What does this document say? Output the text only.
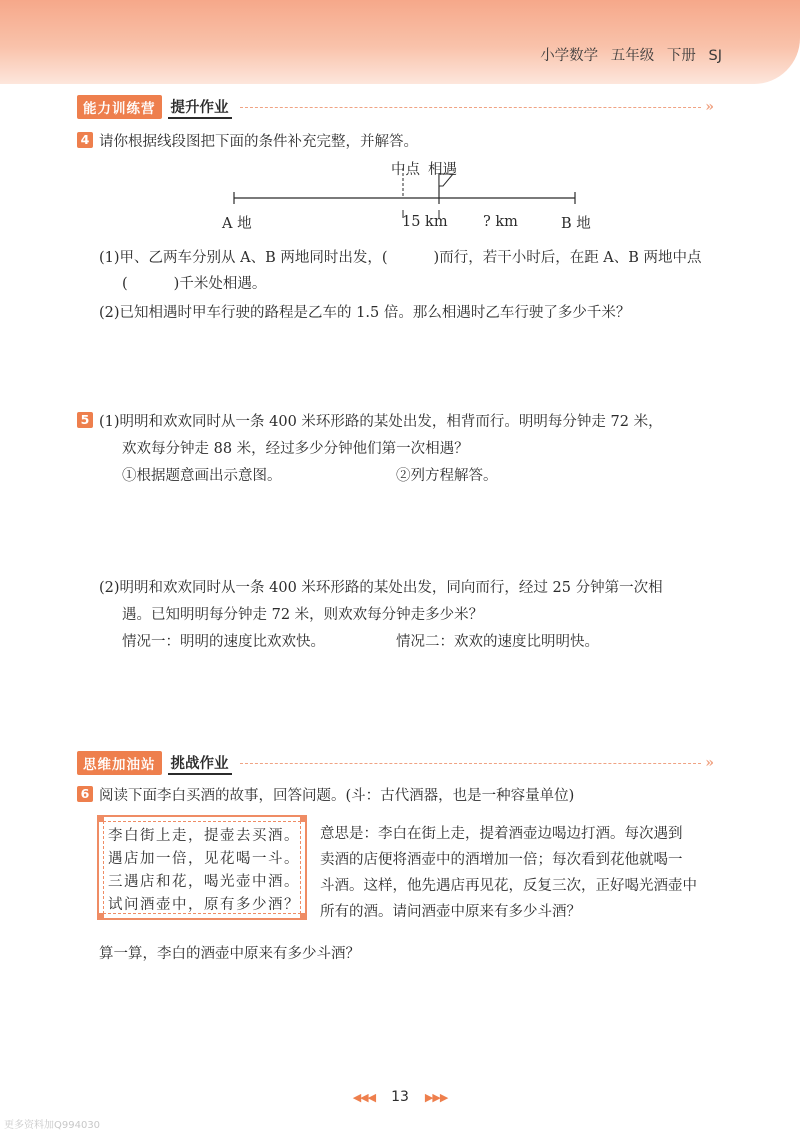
小学数学 五年级 下册 SJ
能力训练营	提升作业	»
4 请你根据线段图把下面的条件补充完整，并解答。
中点 相遇
A 地	15 km ? km	B 地
(1)甲、乙两车分别从 A、B 两地同时出发，(	)而行，若干小时后，在距 A、B 两地中点
(	)千米处相遇。
(2)已知相遇时甲车行驶的路程是乙车的 1.5 倍。那么相遇时乙车行驶了多少千米？
5 (1)明明和欢欢同时从一条 400 米环形路的某处出发，相背而行。明明每分钟走 72 米，
欢欢每分钟走 88 米，经过多少分钟他们第一次相遇？
①根据题意画出示意图。	②列方程解答。
(2)明明和欢欢同时从一条 400 米环形路的某处出发，同向而行，经过 25 分钟第一次相
遇。已知明明每分钟走 72 米，则欢欢每分钟走多少米？
情况一：明明的速度比欢欢快。	情况二：欢欢的速度比明明快。
思维加油站	挑战作业	»
6 阅读下面李白买酒的故事，回答问题。(斗：古代酒器，也是一种容量单位)
李白街上走，提壶去买酒。
遇店加一倍，见花喝一斗。
三遇店和花，喝光壶中酒。
试问酒壶中，原有多少酒？
意思是：李白在街上走，提着酒壶边喝边打酒。每次遇到
卖酒的店便将酒壶中的酒增加一倍；每次看到花他就喝一
斗酒。这样，他先遇店再见花，反复三次，正好喝光酒壶中
所有的酒。请问酒壶中原来有多少斗酒？
算一算，李白的酒壶中原来有多少斗酒？
◀◀◀ 13 ▶▶▶
更多资料加Q994030
